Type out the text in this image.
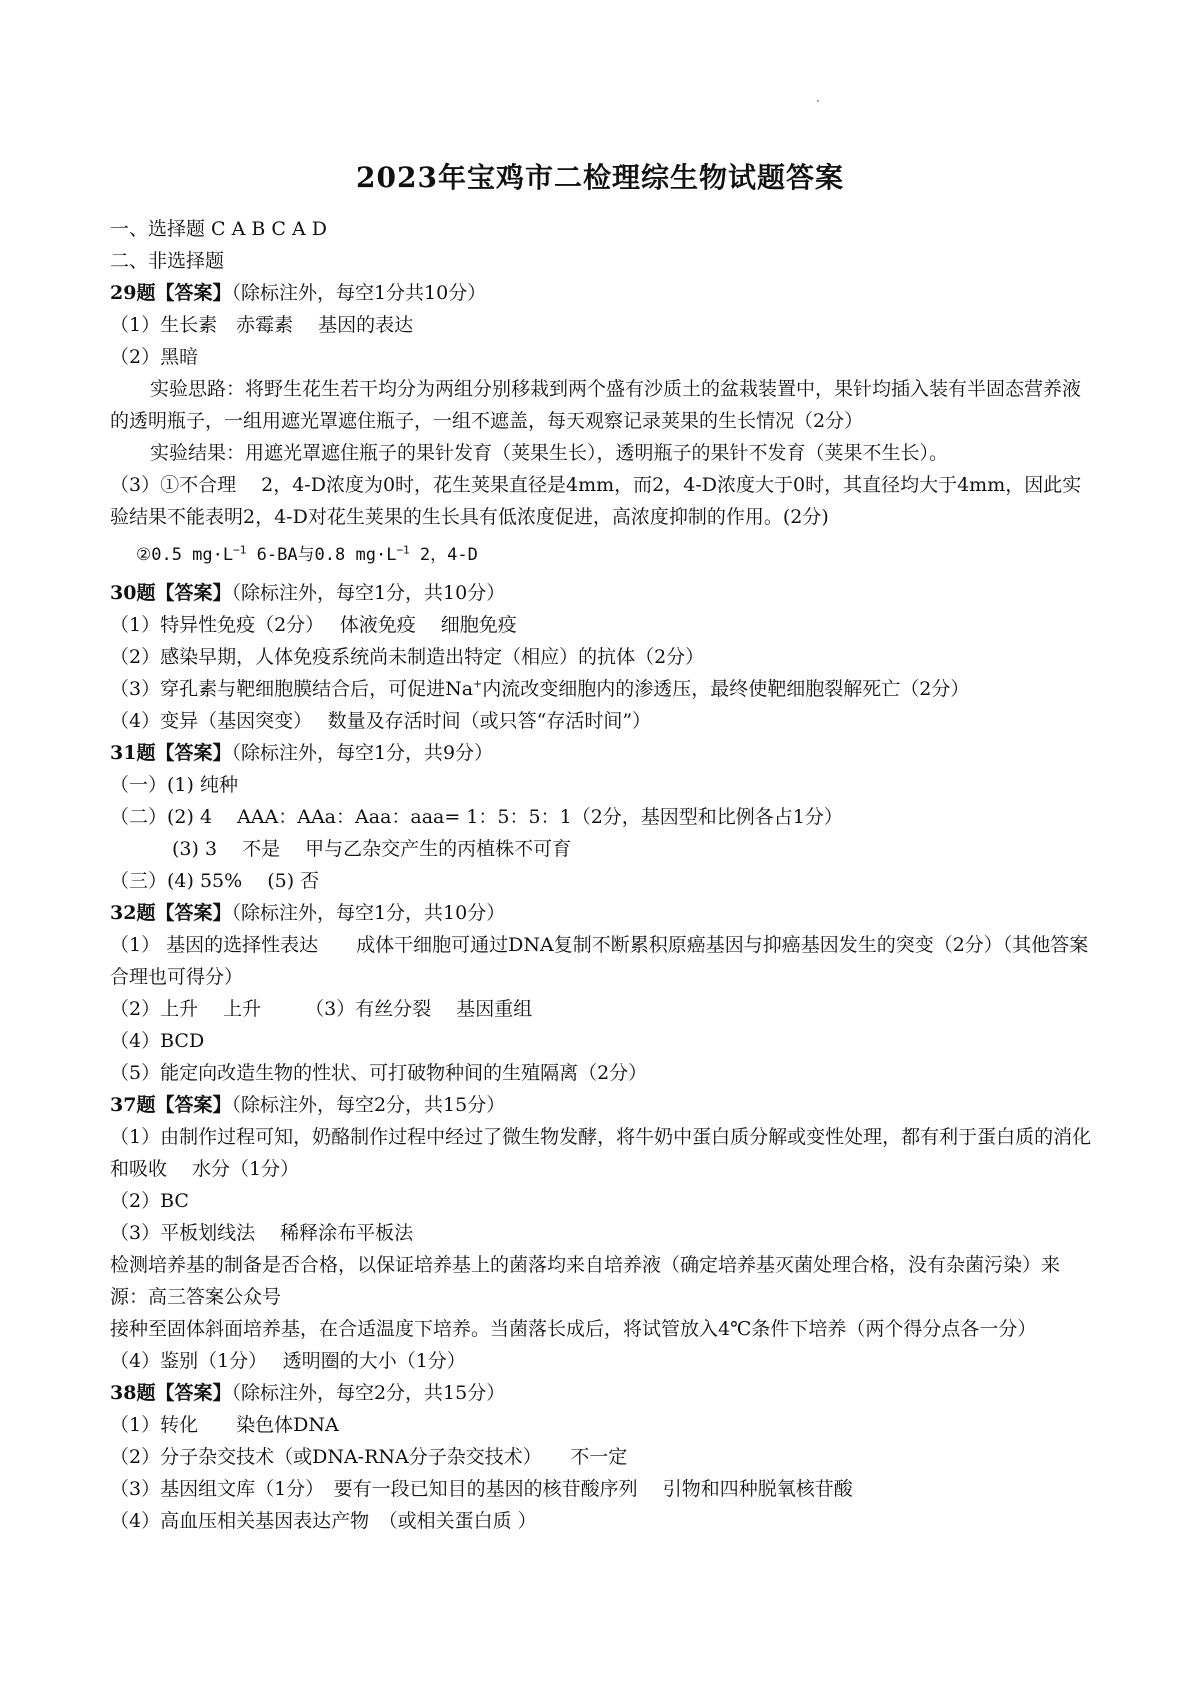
2023年宝鸡市二检理综生物试题答案
一、选择题 C A B C A D
二、非选择题
29题【答案】（除标注外，每空1分共10分）
（1）生长素　赤霉素　 基因的表达
（2）黑暗
实验思路：将野生花生若干均分为两组分别移栽到两个盛有沙质土的盆栽装置中，果针均插入装有半固态营养液的透明瓶子，一组用遮光罩遮住瓶子，一组不遮盖，每天观察记录荚果的生长情况（2分）
实验结果：用遮光罩遮住瓶子的果针发育（荚果生长），透明瓶子的果针不发育（荚果不生长）。
（3）①不合理　 2，4-D浓度为0时，花生荚果直径是4mm，而2，4-D浓度大于0时，其直径均大于4mm，因此实验结果不能表明2，4-D对花生荚果的生长具有低浓度促进，高浓度抑制的作用。(2分)
②0.5 $mg\cdot L^{-1}$ 6-BA与0.8 $mg\cdot L^{-1}$ 2，4-D
30题【答案】（除标注外，每空1分，共10分）
（1）特异性免疫（2分）　 体液免疫　 细胞免疫
（2）感染早期，人体免疫系统尚未制造出特定（相应）的抗体（2分）
（3）穿孔素与靶细胞膜结合后，可促进Na+内流改变细胞内的渗透压，最终使靶细胞裂解死亡（2分）
（4）变异（基因突变）　 数量及存活时间（或只答“存活时间”）
31题【答案】（除标注外，每空1分，共9分）
（一）(1) 纯种
（二）(2) 4　 AAA：AAa：Aaa：aaa= 1：5：5：1（2分，基因型和比例各占1分）
(3) 3　 不是　 甲与乙杂交产生的丙植株不可育
（三）(4) 55%　 (5) 否
32题【答案】（除标注外，每空1分，共10分）
（1） 基因的选择性表达　　成体干细胞可通过DNA复制不断累积原癌基因与抑癌基因发生的突变（2分）（其他答案合理也可得分）
（2）上升　 上升　　 （3）有丝分裂　 基因重组
（4）BCD
（5）能定向改造生物的性状、可打破物种间的生殖隔离（2分）
37题【答案】（除标注外，每空2分，共15分）
（1）由制作过程可知，奶酪制作过程中经过了微生物发酵，将牛奶中蛋白质分解或变性处理，都有利于蛋白质的消化和吸收　 水分（1分）
（2）BC
（3）平板划线法　 稀释涂布平板法
检测培养基的制备是否合格，以保证培养基上的菌落均来自培养液（确定培养基灭菌处理合格，没有杂菌污染）来源：高三答案公众号
接种至固体斜面培养基，在合适温度下培养。当菌落长成后，将试管放入4℃条件下培养（两个得分点各一分）
（4）鉴别（1分）　 透明圈的大小（1分）
38题【答案】（除标注外，每空2分，共15分）
（1）转化　　染色体DNA
（2）分子杂交技术（或DNA-RNA分子杂交技术）　　不一定
（3）基因组文库（1分）　要有一段已知目的基因的核苷酸序列　 引物和四种脱氧核苷酸
（4）高血压相关基因表达产物　（或相关蛋白质 ）
